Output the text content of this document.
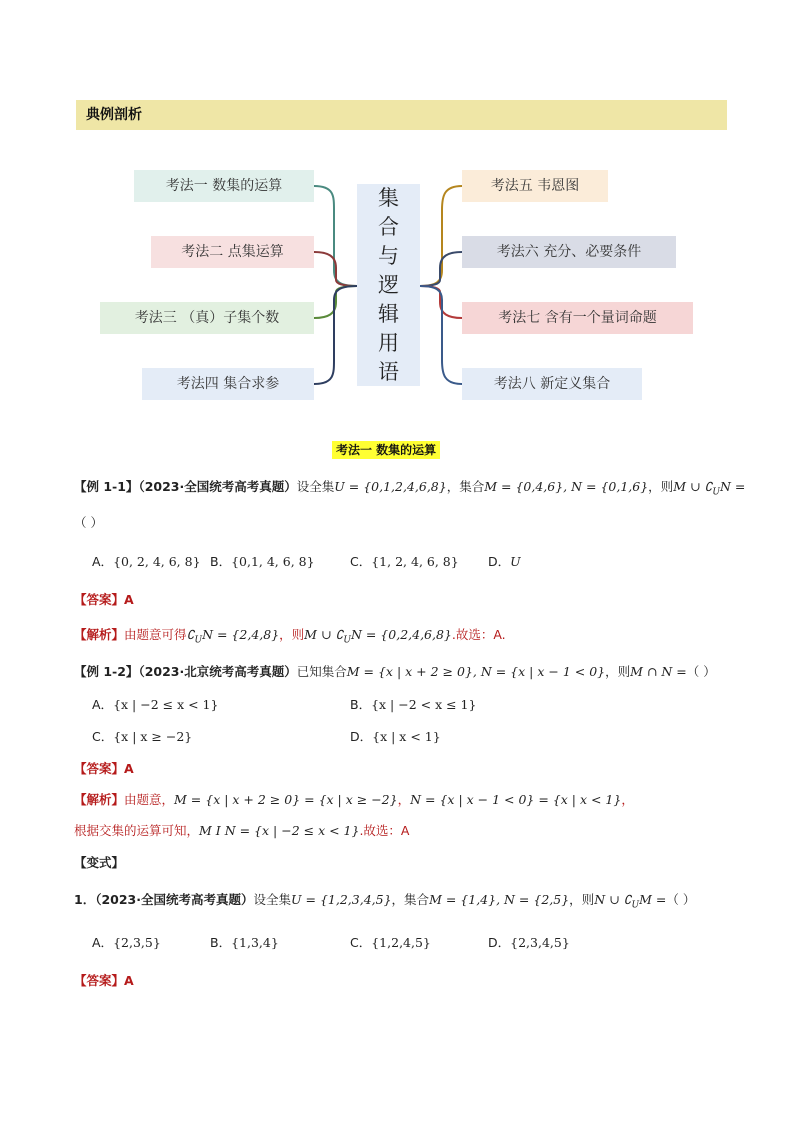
典例剖析
考法一 数集的运算
考法二 点集运算
考法三 （真）子集个数
考法四 集合求参
集
合
与
逻
辑
用
语
考法五 韦恩图
考法六 充分、必要条件
考法七 含有一个量词命题
考法八 新定义集合
考法一 数集的运算
【例 1-1】（2023·全国统考高考真题）设全集U = {0,1,2,4,6,8}，集合M = {0,4,6}, N = {0,1,6}，则M ∪ $∁_UN$ =
（ ）
A．{0, 2, 4, 6, 8} B．{0,1, 4, 6, 8}	C．{1, 2, 4, 6, 8} D．U
【答案】A
【解析】由题意可得$∁_UN = \{2,4,8\}$，则M ∪ $∁_UN = \{0,2,4,6,8\}$.故选：A.
【例 1-2】（2023·北京统考高考真题）已知集合M = {x | x + 2 ≥ 0}, N = {x | x − 1 < 0}，则M ∩ N =（ ）
A．{x | −2 ≤ x < 1}	B．{x | −2 < x ≤ 1}
C．{x | x ≥ −2}	D．{x | x < 1}
【答案】A
【解析】由题意，M = {x | x + 2 ≥ 0} = {x | x ≥ −2}，N = {x | x − 1 < 0} = {x | x < 1}，
根据交集的运算可知，M I N = {x | −2 ≤ x < 1}.故选：A
【变式】
1．（2023·全国统考高考真题）设全集U = {1,2,3,4,5}，集合M = {1,4}, N = {2,5}，则N ∪ $∁_UM$ =（ ）
A．{2,3,5}	B．{1,3,4}	C．{1,2,4,5}	D．{2,3,4,5}
【答案】A
